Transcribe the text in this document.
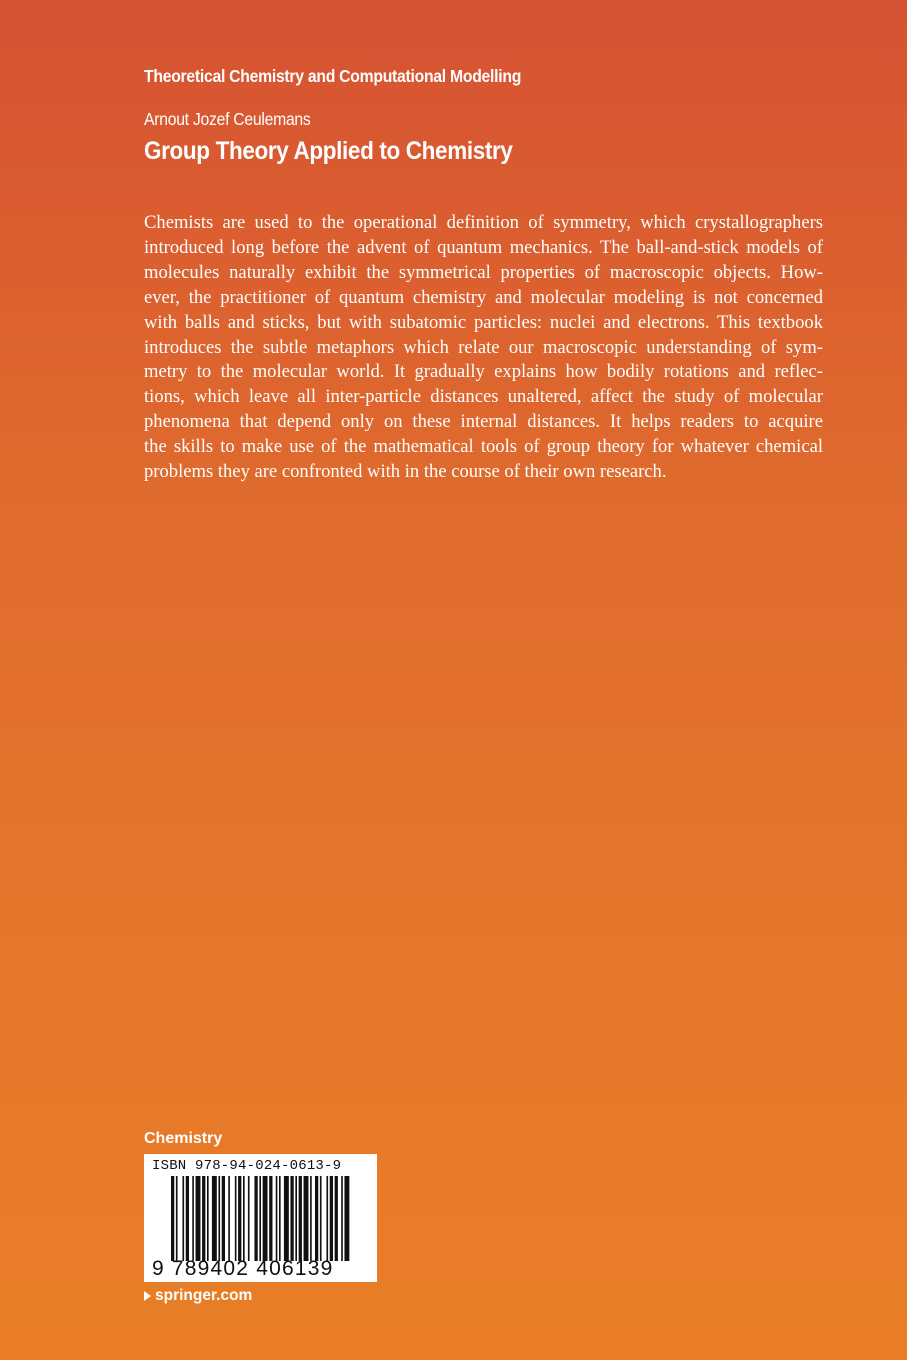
Theoretical Chemistry and Computational Modelling
Arnout Jozef Ceulemans
Group Theory Applied to Chemistry
Chemists are used to the operational definition of symmetry, which crystallographers
introduced long before the advent of quantum mechanics. The ball-and-stick models of
molecules naturally exhibit the symmetrical properties of macroscopic objects. How-
ever, the practitioner of quantum chemistry and molecular modeling is not concerned
with balls and sticks, but with subatomic particles: nuclei and electrons. This textbook
introduces the subtle metaphors which relate our macroscopic understanding of sym-
metry to the molecular world. It gradually explains how bodily rotations and reflec-
tions, which leave all inter-particle distances unaltered, affect the study of molecular
phenomena that depend only on these internal distances. It helps readers to acquire
the skills to make use of the mathematical tools of group theory for whatever chemical
problems they are confronted with in the course of their own research.
Chemistry
ISBN 978-94-024-0613-9
9 789402 406139
springer.com
